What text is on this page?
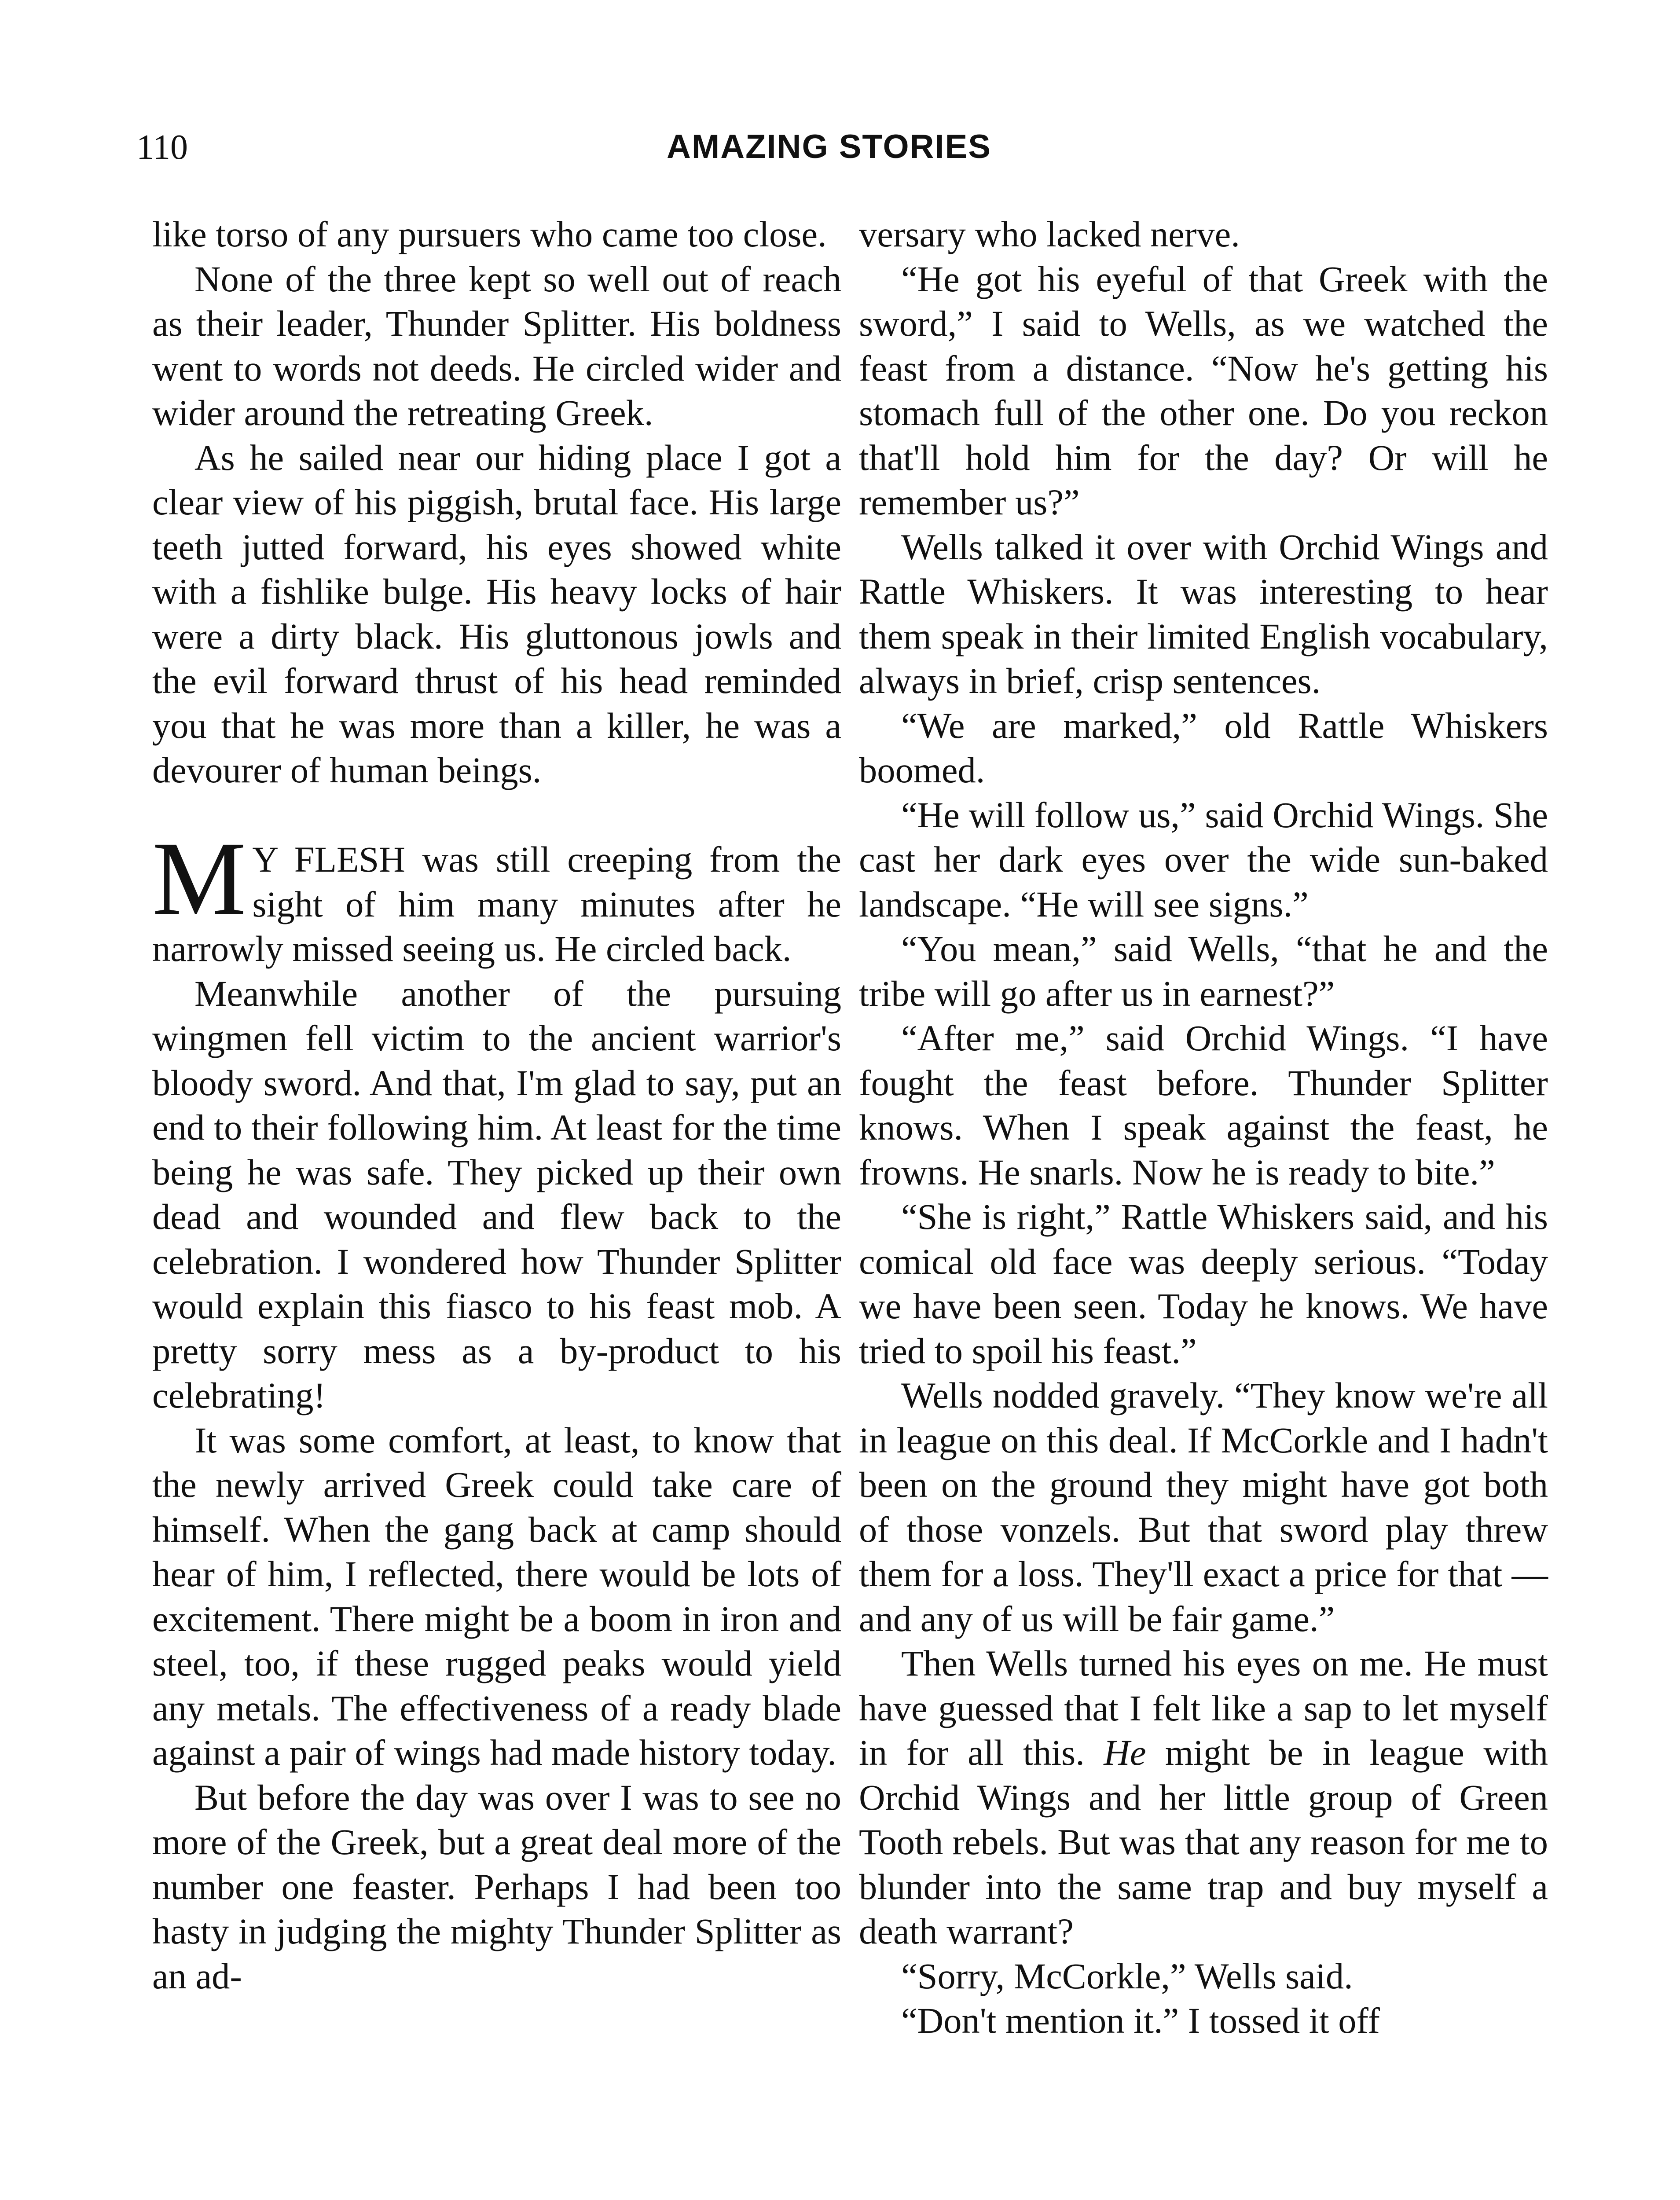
110	AMAZING STORIES

like torso of any pursuers who came too close.

None of the three kept so well out of reach as their leader, Thunder Splitter. His boldness went to words not deeds. He circled wider and wider around the retreating Greek.

As he sailed near our hiding place I got a clear view of his piggish, brutal face. His large teeth jutted forward, his eyes showed white with a fishlike bulge. His heavy locks of hair were a dirty black. His gluttonous jowls and the evil forward thrust of his head reminded you that he was more than a killer, he was a devourer of human beings.

M Y FLESH was still creeping from the sight of him many minutes after he narrowly missed seeing us. He circled back.

Meanwhile another of the pursuing wingmen fell victim to the ancient warrior's bloody sword. And that, I'm glad to say, put an end to their following him. At least for the time being he was safe. They picked up their own dead and wounded and flew back to the celebration. I wondered how Thunder Splitter would explain this fiasco to his feast mob. A pretty sorry mess as a by-product to his celebrating!

It was some comfort, at least, to know that the newly arrived Greek could take care of himself. When the gang back at camp should hear of him, I reflected, there would be lots of excitement. There might be a boom in iron and steel, too, if these rugged peaks would yield any metals. The effectiveness of a ready blade against a pair of wings had made history today.

But before the day was over I was to see no more of the Greek, but a great deal more of the number one feaster. Perhaps I had been too hasty in judging the mighty Thunder Splitter as an ad-

versary who lacked nerve.

“He got his eyeful of that Greek with the sword,” I said to Wells, as we watched the feast from a distance. “Now he's getting his stomach full of the other one. Do you reckon that'll hold him for the day? Or will he remember us?”

Wells talked it over with Orchid Wings and Rattle Whiskers. It was interesting to hear them speak in their limited English vocabulary, always in brief, crisp sentences.

“We are marked,” old Rattle Whiskers boomed.

“He will follow us,” said Orchid Wings. She cast her dark eyes over the wide sun-baked landscape. “He will see signs.”

“You mean,” said Wells, “that he and the tribe will go after us in earnest?”

“After me,” said Orchid Wings. “I have fought the feast before. Thunder Splitter knows. When I speak against the feast, he frowns. He snarls. Now he is ready to bite.”

“She is right,” Rattle Whiskers said, and his comical old face was deeply serious. “Today we have been seen. Today he knows. We have tried to spoil his feast.”

Wells nodded gravely. “They know we're all in league on this deal. If McCorkle and I hadn't been on the ground they might have got both of those vonzels. But that sword play threw them for a loss. They'll exact a price for that —and any of us will be fair game.”

Then Wells turned his eyes on me. He must have guessed that I felt like a sap to let myself in for all this. He might be in league with Orchid Wings and her little group of Green Tooth rebels. But was that any reason for me to blunder into the same trap and buy myself a death warrant?

“Sorry, McCorkle,” Wells said.

“Don't mention it.” I tossed it off
